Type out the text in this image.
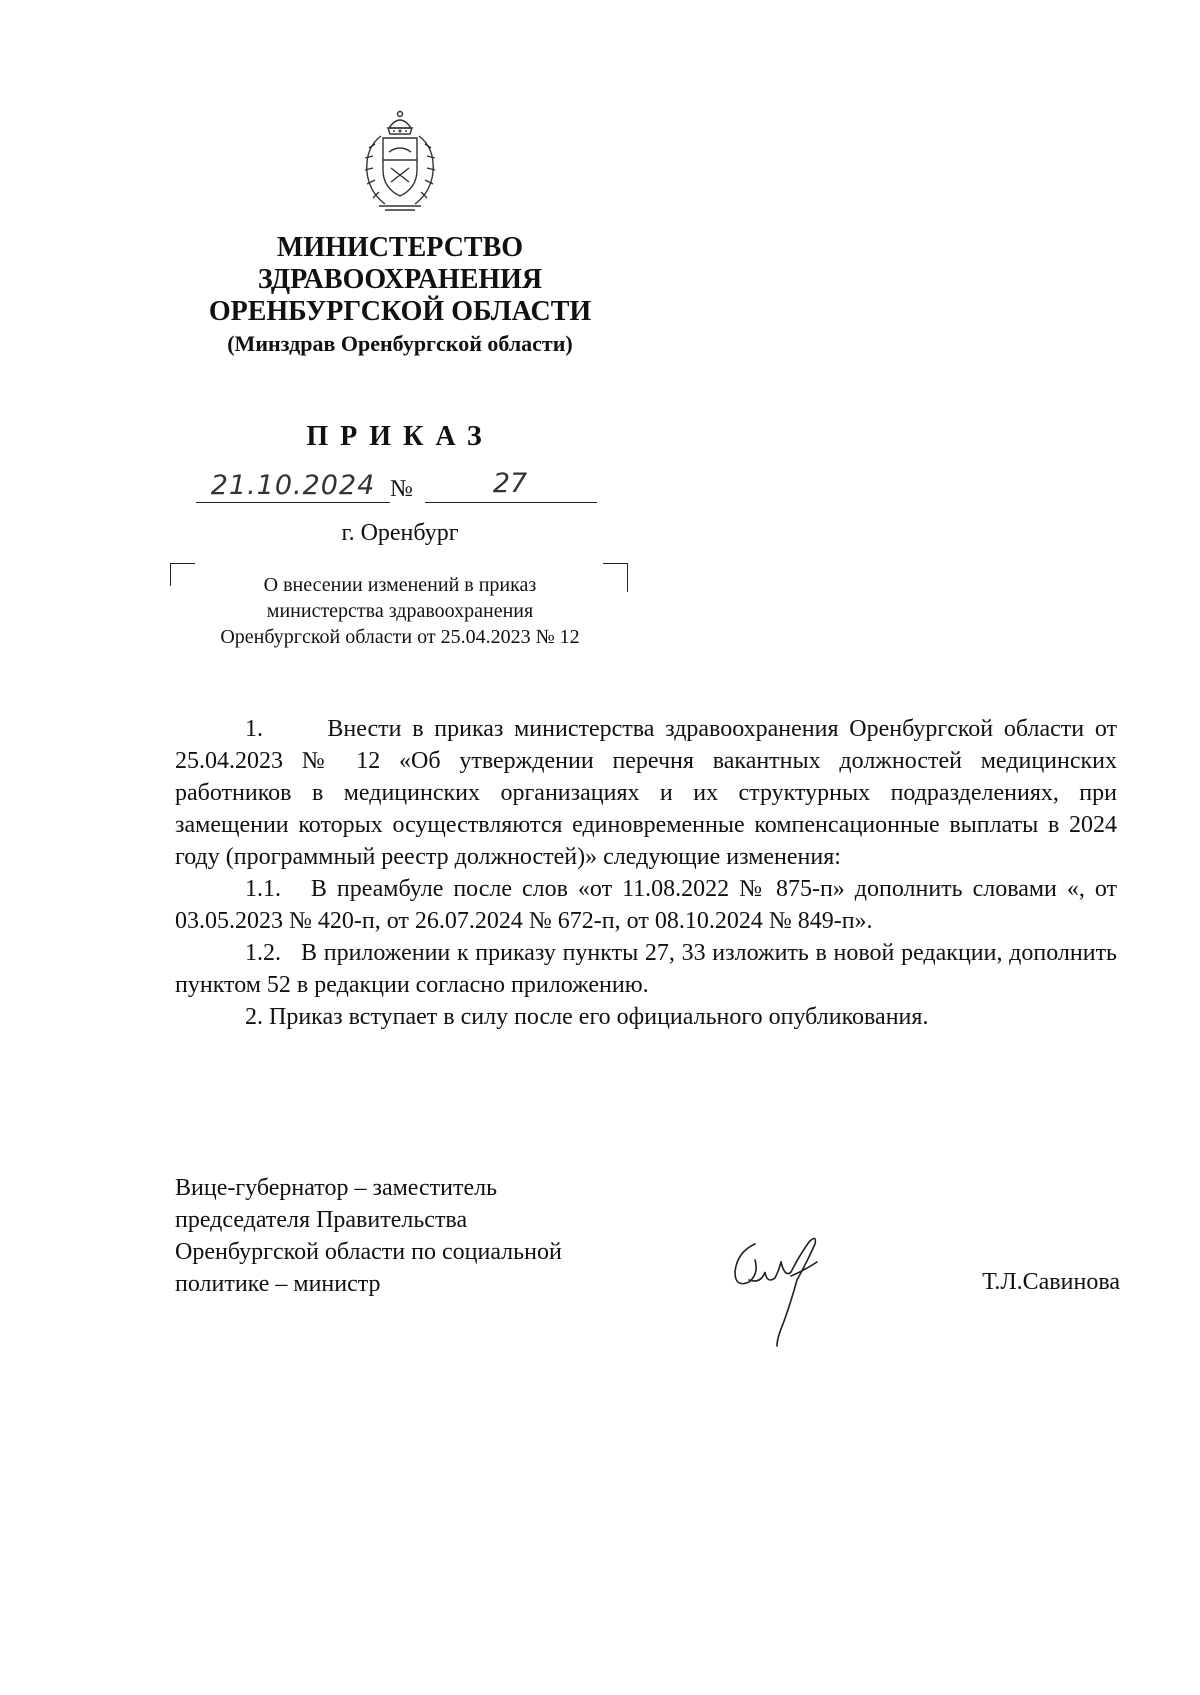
МИНИСТЕРСТВО
ЗДРАВООХРАНЕНИЯ
ОРЕНБУРГСКОЙ ОБЛАСТИ
(Минздрав Оренбургской области)
ПРИКАЗ
21.10.2024 №	27
г. Оренбург
О внесении изменений в приказ
министерства здравоохранения
Оренбургской области от 25.04.2023 № 12

1.      Внести в приказ министерства здравоохранения Оренбургской области от 25.04.2023 № 12 «Об утверждении перечня вакантных должностей медицинских работников в медицинских организациях и их структурных подразделениях, при замещении которых осуществляются единовременные компенсационные выплаты в 2024 году (программный реестр должностей)» следующие изменения:

1.1.   В преамбуле после слов «от 11.08.2022 № 875-п» дополнить словами «, от 03.05.2023 № 420-п, от 26.07.2024 № 672-п, от 08.10.2024 № 849-п».

1.2.   В приложении к приказу пункты 27, 33 изложить в новой редакции, дополнить пунктом 52 в редакции согласно приложению.

2. Приказ вступает в силу после его официального опубликования.

Вице-губернатор – заместитель
председателя Правительства
Оренбургской области по социальной
политике – министр	Т.Л.Савинова
